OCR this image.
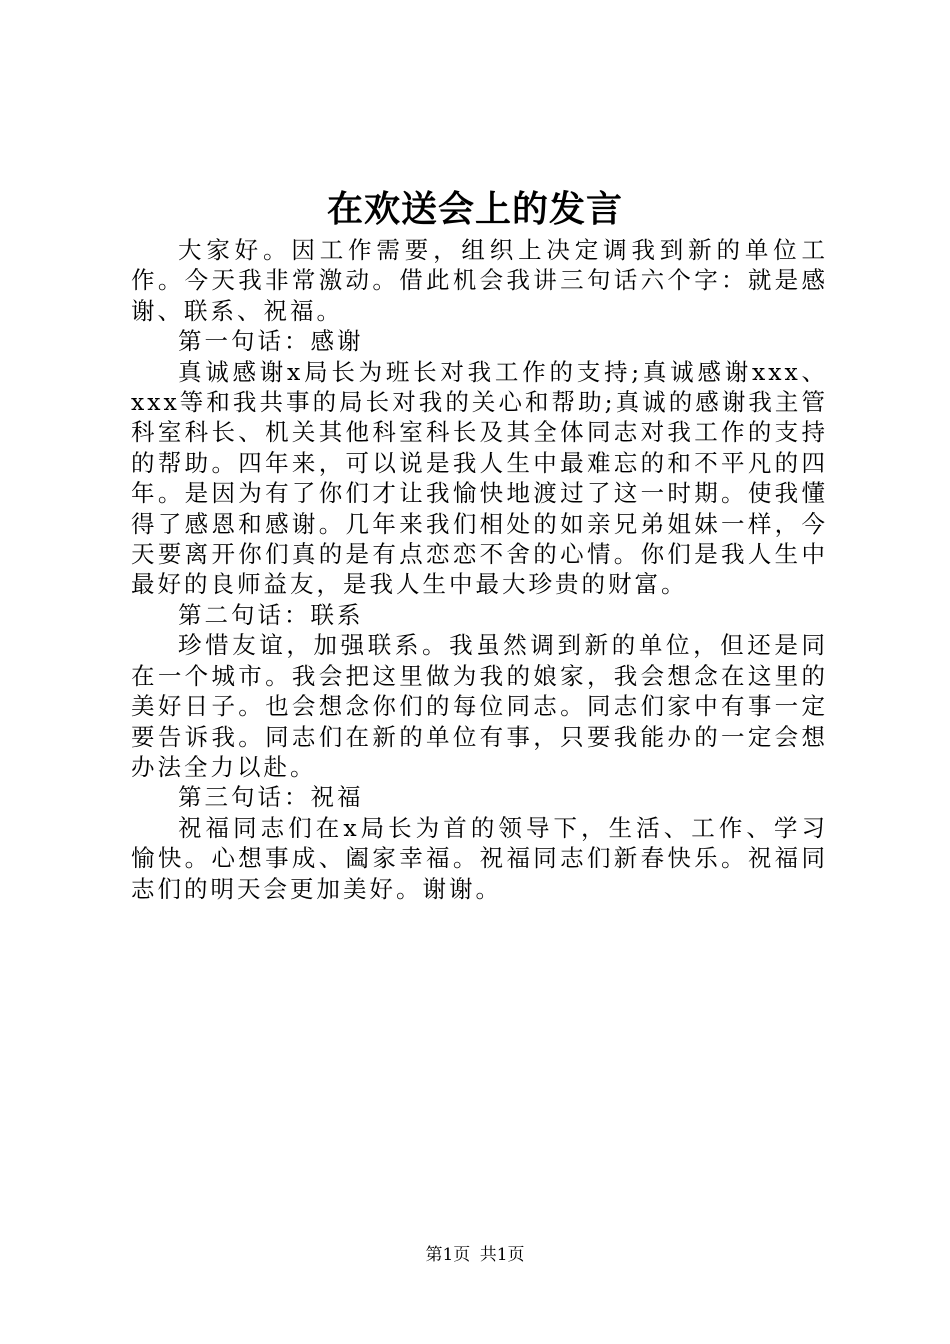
在欢送会上的发言

大家好。因工作需要，组织上决定调我到新的单位工作。今天我非常激动。借此机会我讲三句话六个字：就是感谢、联系、祝福。

第一句话：感谢

真诚感谢x局长为班长对我工作的支持;真诚感谢xxx、xxx等和我共事的局长对我的关心和帮助;真诚的感谢我主管科室科长、机关其他科室科长及其全体同志对我工作的支持的帮助。四年来，可以说是我人生中最难忘的和不平凡的四年。是因为有了你们才让我愉快地渡过了这一时期。使我懂得了感恩和感谢。几年来我们相处的如亲兄弟姐妹一样，今天要离开你们真的是有点恋恋不舍的心情。你们是我人生中最好的良师益友，是我人生中最大珍贵的财富。

第二句话：联系

珍惜友谊，加强联系。我虽然调到新的单位，但还是同在一个城市。我会把这里做为我的娘家，我会想念在这里的美好日子。也会想念你们的每位同志。同志们家中有事一定要告诉我。同志们在新的单位有事，只要我能办的一定会想办法全力以赴。

第三句话：祝福

祝福同志们在x局长为首的领导下，生活、工作、学习愉快。心想事成、阖家幸福。祝福同志们新春快乐。祝福同志们的明天会更加美好。谢谢。

第1页 共1页
